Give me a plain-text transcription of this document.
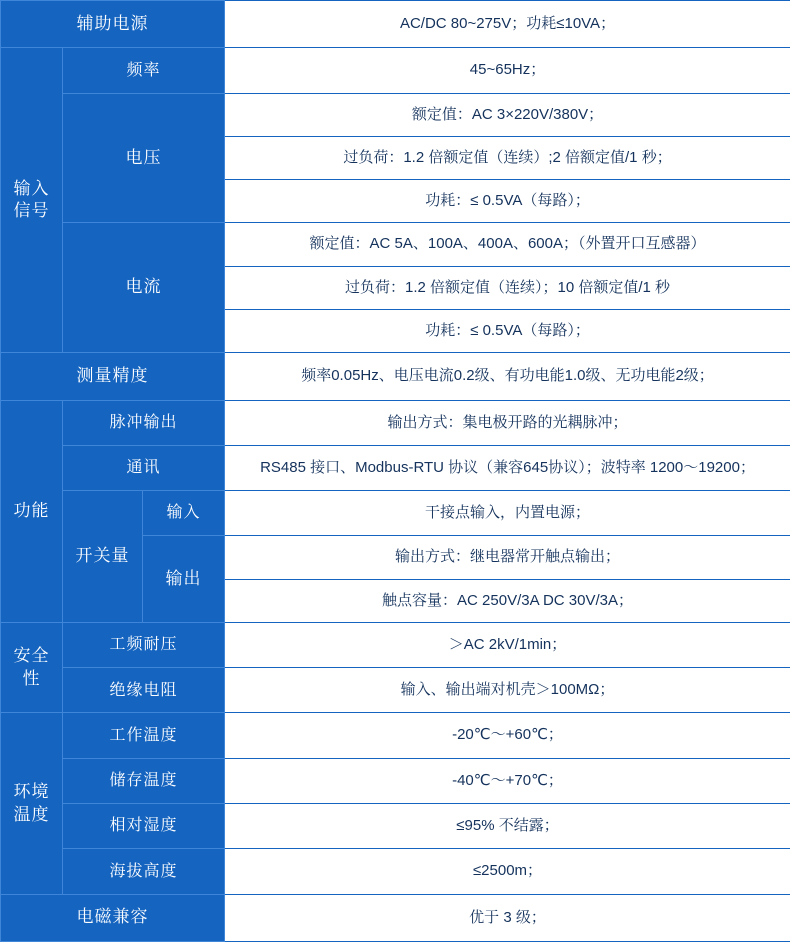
辅助电源			AC/DC 80~275V；功耗≤10VA；
输入
信号	频率		45~65Hz；
	电压		额定值：AC 3×220V/380V；
			过负荷：1.2 倍额定值（连续）;2 倍额定值/1 秒；
			功耗：≤ 0.5VA（每路）；
	电流		额定值：AC 5A、100A、400A、600A；（外置开口互感器）
			过负荷：1.2 倍额定值（连续）；10 倍额定值/1 秒
			功耗：≤ 0.5VA（每路）；
测量精度			频率0.05Hz、电压电流0.2级、有功电能1.0级、无功电能2级；
功能	脉冲输出		输出方式：集电极开路的光耦脉冲；
	通讯		RS485 接口、Modbus-RTU 协议（兼容645协议）；波特率 1200～19200；
	开关量	输入	干接点输入，内置电源；
		输出	输出方式：继电器常开触点输出；
			触点容量：AC 250V/3A DC 30V/3A；
安全性	工频耐压		＞AC 2kV/1min；
	绝缘电阻		输入、输出端对机壳＞100MΩ；
环境温度	工作温度		-20℃～+60℃；
	储存温度		-40℃～+70℃；
	相对湿度		≤95% 不结露；
	海拔高度		≤2500m；
电磁兼容			优于 3 级；
